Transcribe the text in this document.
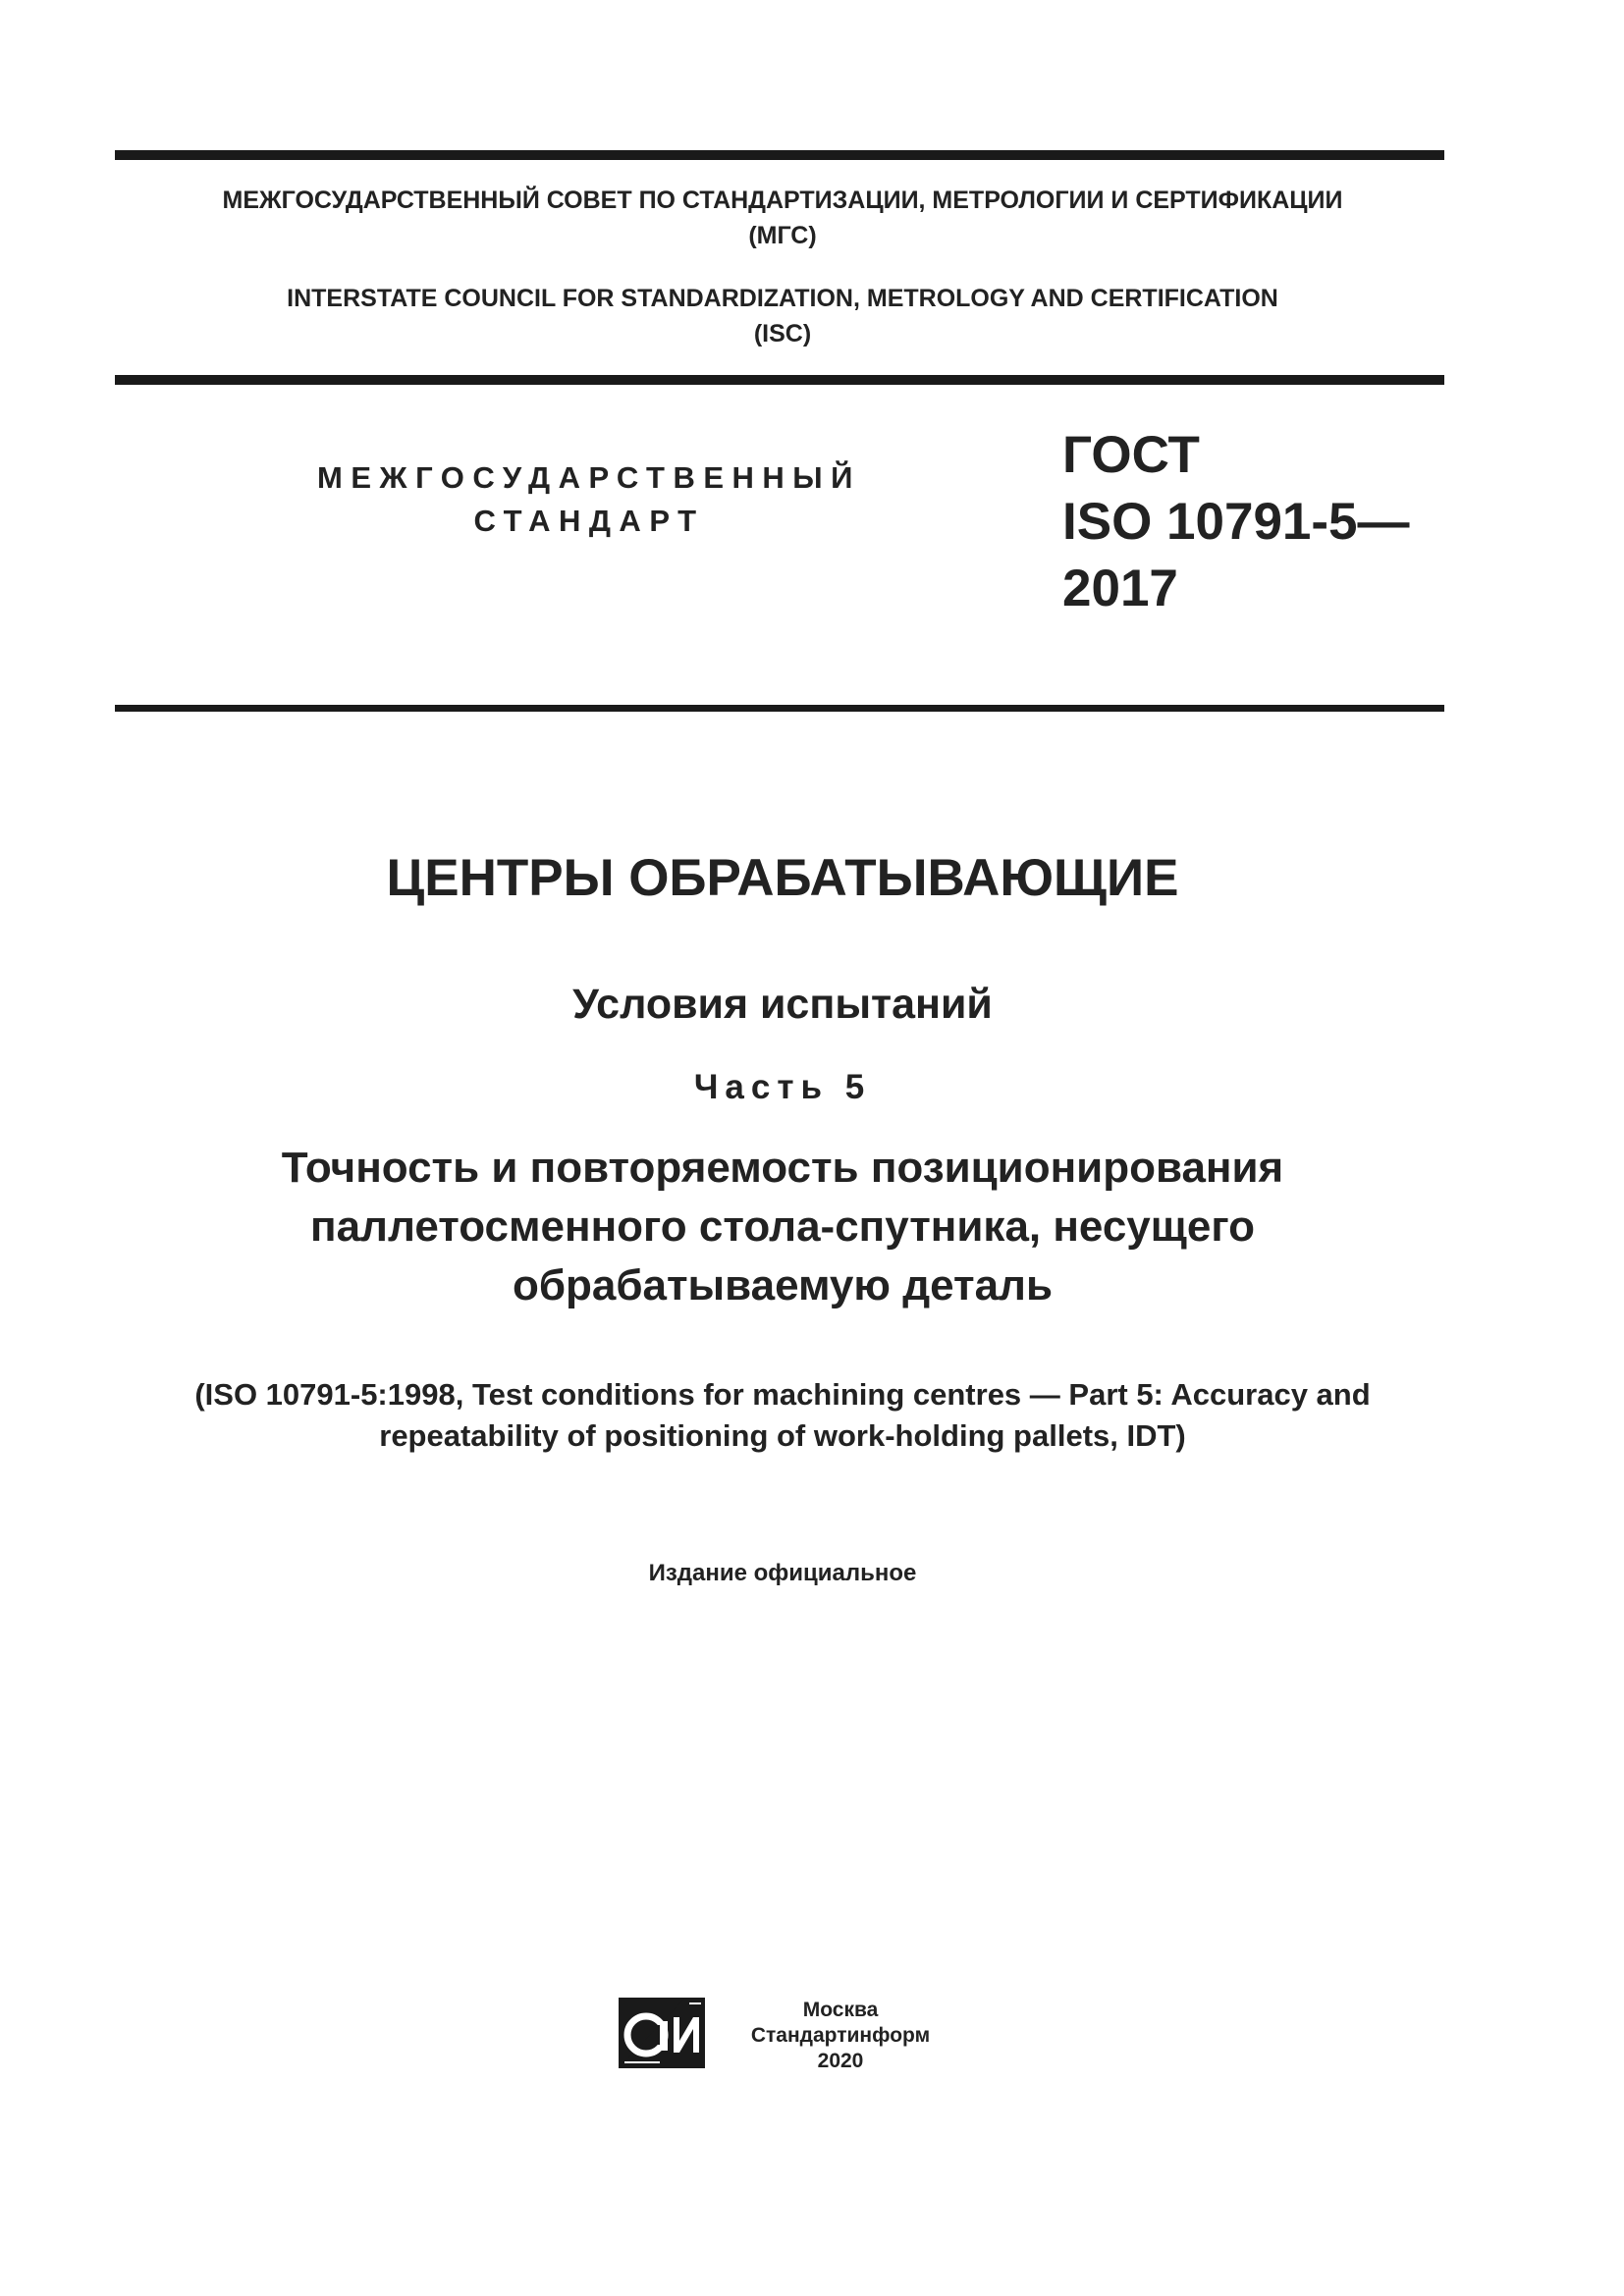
МЕЖГОСУДАРСТВЕННЫЙ СОВЕТ ПО СТАНДАРТИЗАЦИИ, МЕТРОЛОГИИ И СЕРТИФИКАЦИИ
(МГС)
INTERSTATE COUNCIL FOR STANDARDIZATION, METROLOGY AND CERTIFICATION
(ISC)
МЕЖГОСУДАРСТВЕННЫЙ
СТАНДАРТ
ГОСТ
ISO 10791-5—
2017
ЦЕНТРЫ ОБРАБАТЫВАЮЩИЕ
Условия испытаний
Часть 5
Точность и повторяемость позиционирования
паллетосменного стола-спутника, несущего
обрабатываемую деталь
(ISO 10791-5:1998, Test conditions for machining centres — Part 5: Accuracy and
repeatability of positioning of work-holding pallets, IDT)
Издание официальное
Москва
Стандартинформ
2020
